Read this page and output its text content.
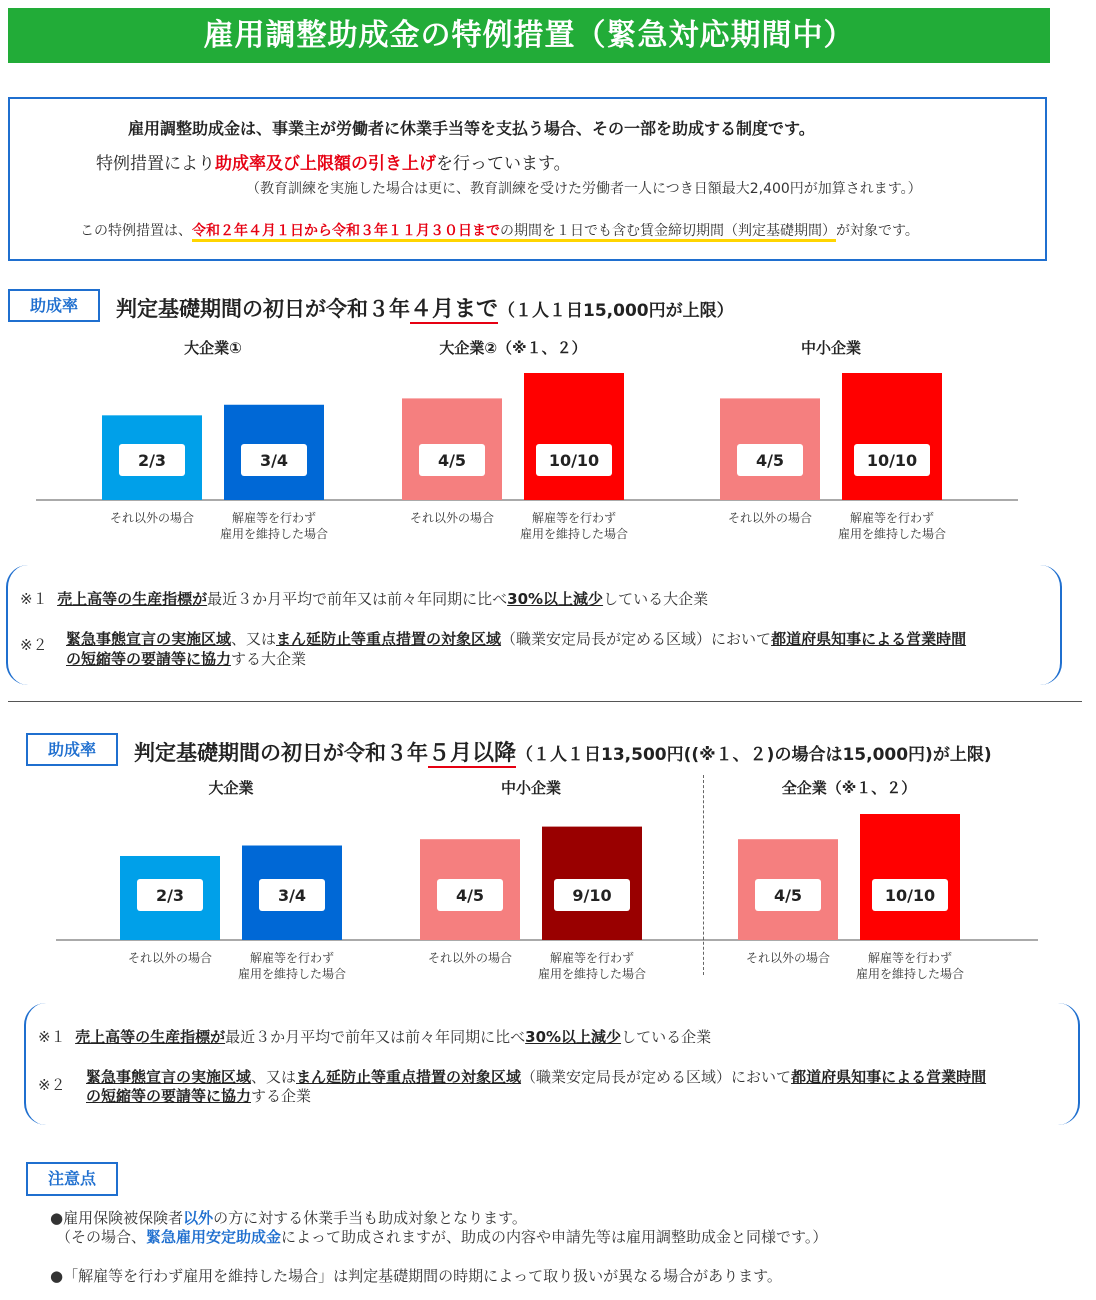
雇用調整助成金の特例措置（緊急対応期間中）
雇用調整助成金は、事業主が労働者に休業手当等を支払う場合、その一部を助成する制度です。
特例措置により助成率及び上限額の引き上げを行っています。
（教育訓練を実施した場合は更に、教育訓練を受けた労働者一人につき日額最大2,400円が加算されます。）
この特例措置は、令和２年４月１日から令和３年１１月３０日までの期間を１日でも含む賃金締切期間（判定基礎期間）が対象です。
助成率	判定基礎期間の初日が令和３年４月まで（１人１日15,000円が上限）
大企業①
2/3
それ以外の場合
3/4
解雇等を行わず
雇用を維持した場合
大企業②（※１、２）
4/5
それ以外の場合
10/10
解雇等を行わず
雇用を維持した場合
中小企業
4/5
それ以外の場合
10/10
解雇等を行わず
雇用を維持した場合
※１ 売上高等の生産指標が最近３か月平均で前年又は前々年同期に比べ30%以上減少している大企業
※２ 緊急事態宣言の実施区域、又はまん延防止等重点措置の対象区域（職業安定局長が定める区域）において都道府県知事による営業時間
の短縮等の要請等に協力する大企業
助成率	判定基礎期間の初日が令和３年５月以降（１人１日13,500円((※１、２)の場合は15,000円)が上限)
大企業
2/3
それ以外の場合
3/4
解雇等を行わず
雇用を維持した場合
中小企業
4/5
それ以外の場合
9/10
解雇等を行わず
雇用を維持した場合
全企業（※１、２）
4/5
それ以外の場合
10/10
解雇等を行わず
雇用を維持した場合
※１ 売上高等の生産指標が最近３か月平均で前年又は前々年同期に比べ30%以上減少している企業
※２ 緊急事態宣言の実施区域、又はまん延防止等重点措置の対象区域（職業安定局長が定める区域）において都道府県知事による営業時間
の短縮等の要請等に協力する企業
注意点
●雇用保険被保険者以外の方に対する休業手当も助成対象となります。
（その場合、緊急雇用安定助成金によって助成されますが、助成の内容や申請先等は雇用調整助成金と同様です。）
●「解雇等を行わず雇用を維持した場合」は判定基礎期間の時期によって取り扱いが異なる場合があります。
